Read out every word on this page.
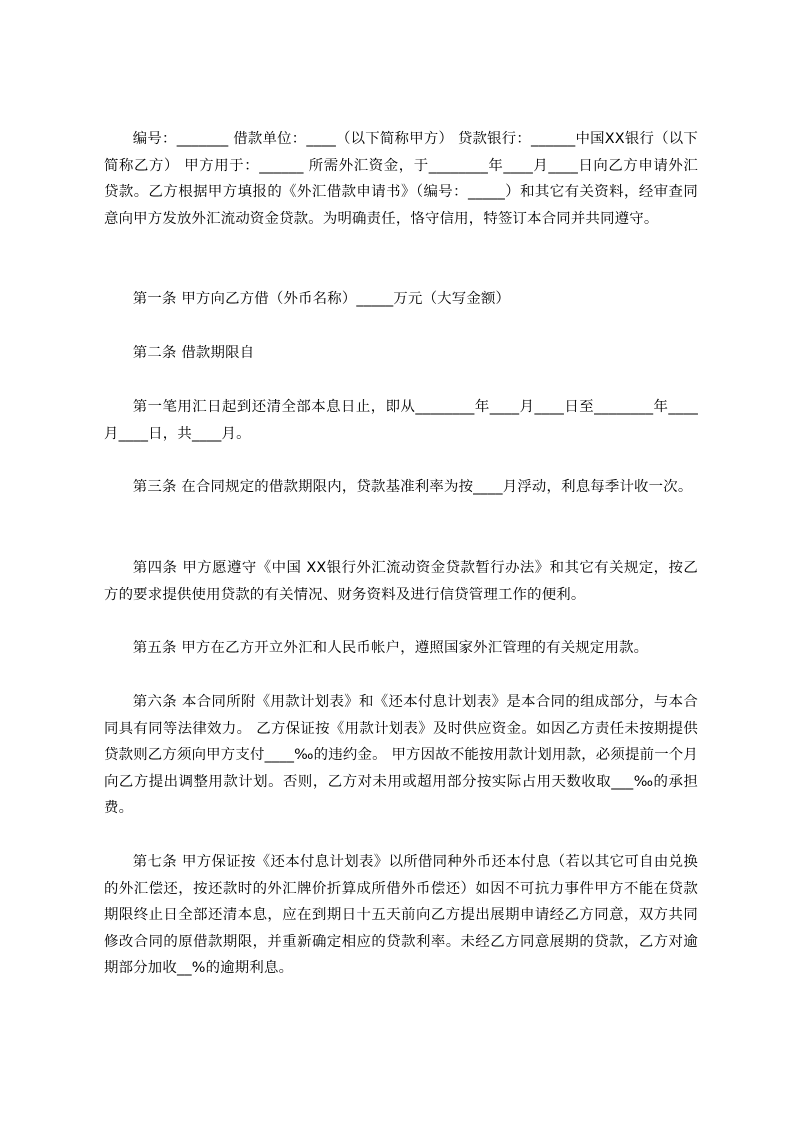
编号：_______ 借款单位：____（以下简称甲方） 贷款银行：______中国XX银行（以下简称乙方） 甲方用于：______ 所需外汇资金，于________年____月____日向乙方申请外汇贷款。乙方根据甲方填报的《外汇借款申请书》（编号：_____）和其它有关资料，经审查同意向甲方发放外汇流动资金贷款。为明确责任，恪守信用，特签订本合同并共同遵守。

第一条 甲方向乙方借（外币名称）_____万元（大写金额）

第二条 借款期限自

第一笔用汇日起到还清全部本息日止，即从________年____月____日至________年____月____日，共____月。

第三条 在合同规定的借款期限内，贷款基准利率为按____月浮动，利息每季计收一次。

第四条 甲方愿遵守《中国 XX银行外汇流动资金贷款暂行办法》和其它有关规定，按乙方的要求提供使用贷款的有关情况、财务资料及进行信贷管理工作的便利。

第五条 甲方在乙方开立外汇和人民币帐户，遵照国家外汇管理的有关规定用款。

第六条 本合同所附《用款计划表》和《还本付息计划表》是本合同的组成部分，与本合同具有同等法律效力。 乙方保证按《用款计划表》及时供应资金。如因乙方责任未按期提供贷款则乙方须向甲方支付____‰的违约金。 甲方因故不能按用款计划用款，必须提前一个月向乙方提出调整用款计划。否则，乙方对未用或超用部分按实际占用天数收取___‰的承担费。

第七条 甲方保证按《还本付息计划表》以所借同种外币还本付息（若以其它可自由兑换的外汇偿还，按还款时的外汇牌价折算成所借外币偿还）如因不可抗力事件甲方不能在贷款期限终止日全部还清本息，应在到期日十五天前向乙方提出展期申请经乙方同意，双方共同修改合同的原借款期限，并重新确定相应的贷款利率。未经乙方同意展期的贷款，乙方对逾期部分加收__%的逾期利息。
